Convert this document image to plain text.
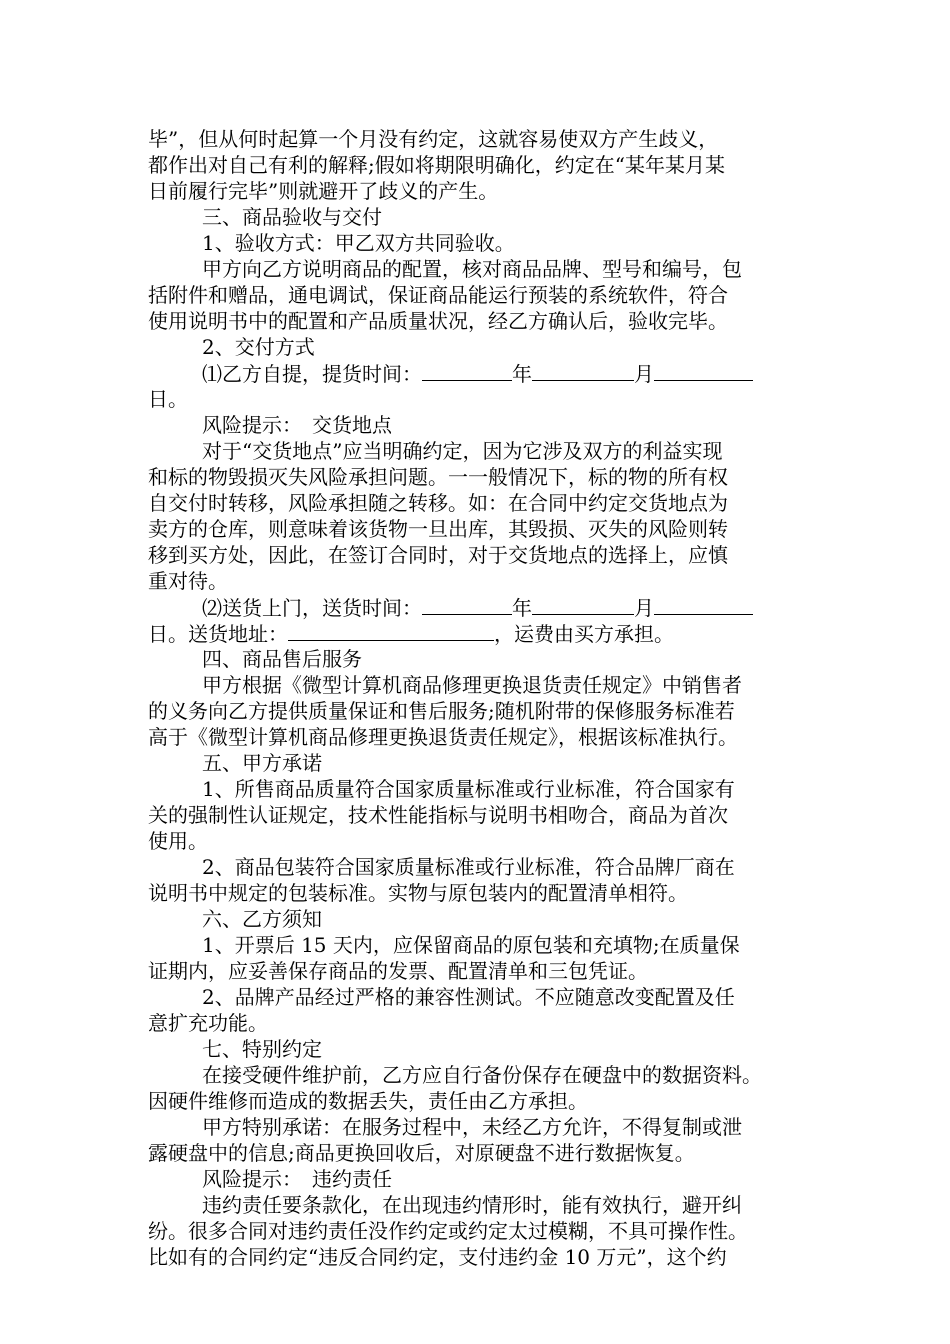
毕”，但从何时起算一个月没有约定，这就容易使双方产生歧义，
都作出对自己有利的解释;假如将期限明确化，约定在“某年某月某
日前履行完毕”则就避开了歧义的产生。
三、商品验收与交付
1、验收方式：甲乙双方共同验收。
甲方向乙方说明商品的配置，核对商品品牌、型号和编号，包
括附件和赠品，通电调试，保证商品能运行预装的系统软件，符合
使用说明书中的配置和产品质量状况，经乙方确认后，验收完毕。
2、交付方式
⑴乙方自提，提货时间：	年	月
日。
风险提示：　交货地点
对于“交货地点”应当明确约定，因为它涉及双方的利益实现
和标的物毁损灭失风险承担问题。一一般情况下，标的物的所有权
自交付时转移，风险承担随之转移。如：在合同中约定交货地点为
卖方的仓库，则意味着该货物一旦出库，其毁损、灭失的风险则转
移到买方处，因此，在签订合同时，对于交货地点的选择上，应慎
重对待。
⑵送货上门，送货时间：	年	月
日。送货地址：	，运费由买方承担。
四、商品售后服务
甲方根据《微型计算机商品修理更换退货责任规定》中销售者
的义务向乙方提供质量保证和售后服务;随机附带的保修服务标准若
高于《微型计算机商品修理更换退货责任规定》，根据该标准执行。
五、甲方承诺
1、所售商品质量符合国家质量标准或行业标准，符合国家有
关的强制性认证规定，技术性能指标与说明书相吻合，商品为首次
使用。
2、商品包装符合国家质量标准或行业标准，符合品牌厂商在
说明书中规定的包装标准。实物与原包装内的配置清单相符。
六、乙方须知
1、开票后 15 天内，应保留商品的原包装和充填物;在质量保
证期内，应妥善保存商品的发票、配置清单和三包凭证。
2、品牌产品经过严格的兼容性测试。不应随意改变配置及任
意扩充功能。
七、特别约定
在接受硬件维护前，乙方应自行备份保存在硬盘中的数据资料。
因硬件维修而造成的数据丢失，责任由乙方承担。
甲方特别承诺：在服务过程中，未经乙方允许，不得复制或泄
露硬盘中的信息;商品更换回收后，对原硬盘不进行数据恢复。
风险提示：　违约责任
违约责任要条款化，在出现违约情形时，能有效执行，避开纠
纷。很多合同对违约责任没作约定或约定太过模糊，不具可操作性。
比如有的合同约定“违反合同约定，支付违约金 10 万元”，这个约
